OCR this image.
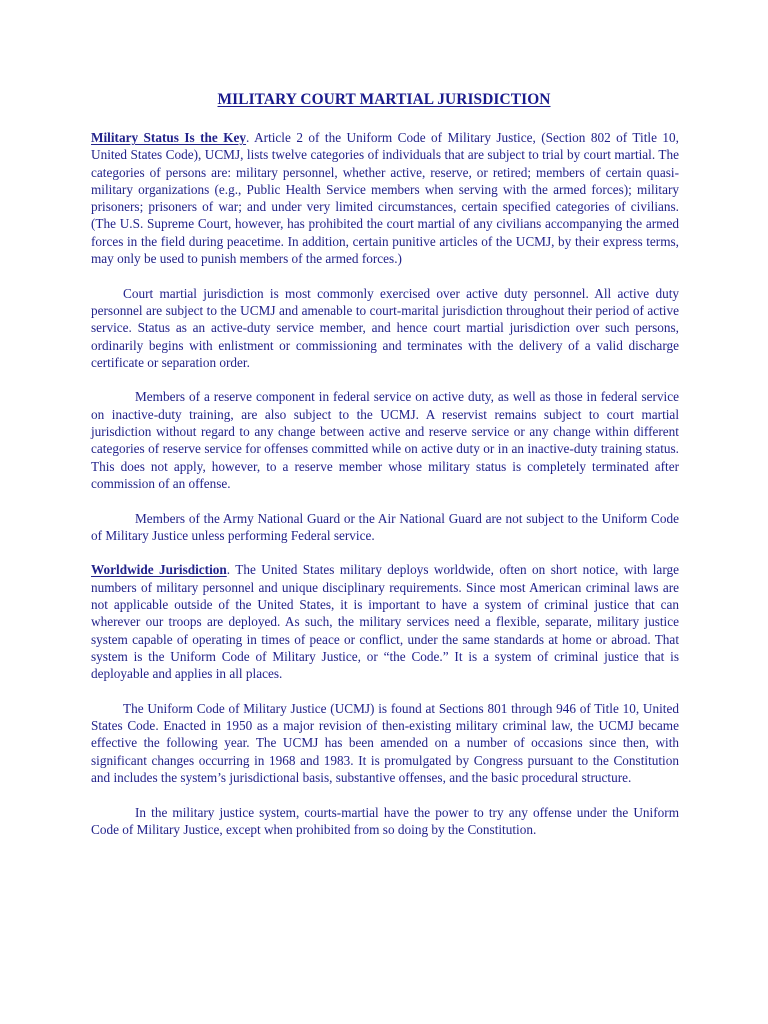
MILITARY COURT MARTIAL JURISDICTION

Military Status Is the Key. Article 2 of the Uniform Code of Military Justice, (Section 802 of Title 10, United States Code), UCMJ, lists twelve categories of individuals that are subject to trial by court martial. The categories of persons are: military personnel, whether active, reserve, or retired; members of certain quasi-military organizations (e.g., Public Health Service members when serving with the armed forces); military prisoners; prisoners of war; and under very limited circumstances, certain specified categories of civilians. (The U.S. Supreme Court, however, has prohibited the court martial of any civilians accompanying the armed forces in the field during peacetime. In addition, certain punitive articles of the UCMJ, by their express terms, may only be used to punish members of the armed forces.)

Court martial jurisdiction is most commonly exercised over active duty personnel. All active duty personnel are subject to the UCMJ and amenable to court-marital jurisdiction throughout their period of active service. Status as an active-duty service member, and hence court martial jurisdiction over such persons, ordinarily begins with enlistment or commissioning and terminates with the delivery of a valid discharge certificate or separation order.

Members of a reserve component in federal service on active duty, as well as those in federal service on inactive-duty training, are also subject to the UCMJ. A reservist remains subject to court martial jurisdiction without regard to any change between active and reserve service or any change within different categories of reserve service for offenses committed while on active duty or in an inactive-duty training status. This does not apply, however, to a reserve member whose military status is completely terminated after commission of an offense.

Members of the Army National Guard or the Air National Guard are not subject to the Uniform Code of Military Justice unless performing Federal service.

Worldwide Jurisdiction. The United States military deploys worldwide, often on short notice, with large numbers of military personnel and unique disciplinary requirements. Since most American criminal laws are not applicable outside of the United States, it is important to have a system of criminal justice that can wherever our troops are deployed. As such, the military services need a flexible, separate, military justice system capable of operating in times of peace or conflict, under the same standards at home or abroad. That system is the Uniform Code of Military Justice, or “the Code.” It is a system of criminal justice that is deployable and applies in all places.

The Uniform Code of Military Justice (UCMJ) is found at Sections 801 through 946 of Title 10, United States Code. Enacted in 1950 as a major revision of then-existing military criminal law, the UCMJ became effective the following year. The UCMJ has been amended on a number of occasions since then, with significant changes occurring in 1968 and 1983. It is promulgated by Congress pursuant to the Constitution and includes the system’s jurisdictional basis, substantive offenses, and the basic procedural structure.

In the military justice system, courts-martial have the power to try any offense under the Uniform Code of Military Justice, except when prohibited from so doing by the Constitution.
